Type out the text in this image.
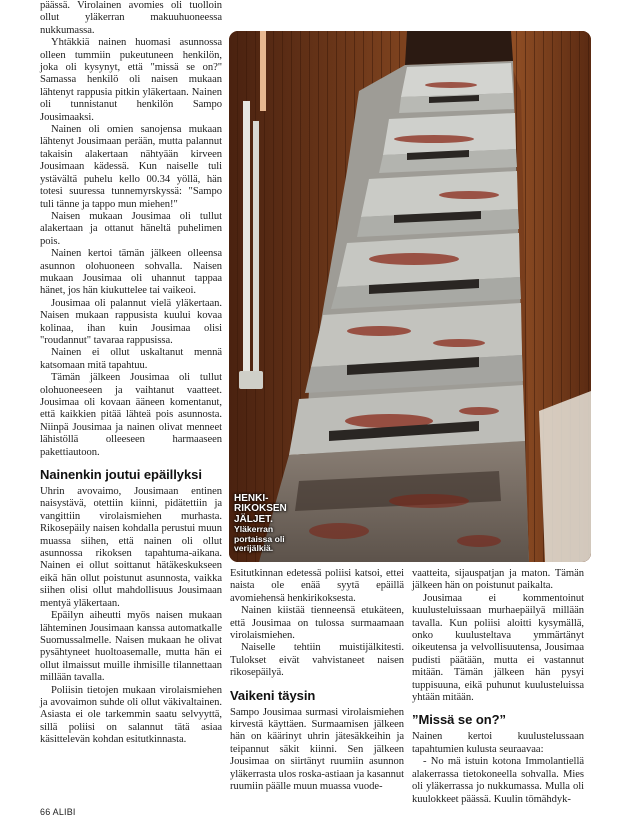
päässä. Virolainen avomies oli tuolloin ollut yläkerran makuuhuoneessa nukkumassa.

Yhtäkkiä nainen huomasi asunnossa olleen tummiin pukeutuneen henkilön, joka oli kysynyt, että "missä se on?" Samassa henkilö oli naisen mukaan lähtenyt rappusia pitkin yläkertaan. Nainen oli tunnistanut henkilön Sampo Jousimaaksi.

Nainen oli omien sanojensa mukaan lähtenyt Jousimaan perään, mutta palannut takaisin alakertaan nähtyään kirveen Jousimaan kädessä. Kun naiselle tuli ystävältä puhelu kello 00.34 yöllä, hän totesi suuressa tunnemyrskyssä: "Sampo tuli tänne ja tappo mun miehen!"

Naisen mukaan Jousimaa oli tullut alakertaan ja ottanut häneltä puhelimen pois.

Nainen kertoi tämän jälkeen olleensa asunnon olohuoneen sohvalla. Naisen mukaan Jousimaa oli uhannut tappaa hänet, jos hän kiukuttelee tai vaikeoi.

Jousimaa oli palannut vielä yläkertaan. Naisen mukaan rappusista kuului kovaa kolinaa, ihan kuin Jousimaa olisi "roudannut" tavaraa rappusissa.

Nainen ei ollut uskaltanut mennä katsomaan mitä tapahtuu.

Tämän jälkeen Jousimaa oli tullut olohuoneeseen ja vaihtanut vaatteet. Jousimaa oli kovaan ääneen komentanut, että kaikkien pitää lähteä pois asunnosta. Niinpä Jousimaa ja nainen olivat menneet lähistöllä olleeseen harmaaseen pakettiautoon.

Nainenkin joutui epäillyksi

Uhrin avovaimo, Jousimaan entinen naisystävä, otettiin kiinni, pidätettiin ja vangittiin virolaismiehen murhasta. Rikosepäily naisen kohdalla perustui muun muassa siihen, että nainen oli ollut asunnossa rikoksen tapahtuma-aikana. Nainen ei ollut soittanut hätäkeskukseen eikä hän ollut poistunut asunnosta, vaikka siihen olisi ollut mahdollisuus Jousimaan mentyä yläkertaan.

Epäilyn aiheutti myös naisen mukaan lähteminen Jousimaan kanssa automatkalle Suomussalmelle. Naisen mukaan he olivat pysähtyneet huoltoasemalle, mutta hän ei ollut ilmaissut muille ihmisille tilannettaan millään tavalla.

Poliisin tietojen mukaan virolaismiehen ja avovaimon suhde oli ollut väkivaltainen. Asiasta ei ole tarkemmin saatu selvyyttä, sillä poliisi on salannut tätä asiaa käsittelevän kohdan esitutkinnasta.

HENKI-RIKOKSEN JÄLJET.
Yläkerran portaissa oli verijälkiä.

Esitutkinnan edetessä poliisi katsoi, ettei naista ole enää syytä epäillä avomiehensä henkirikoksesta.

Nainen kiistää tienneensä etukäteen, että Jousimaa on tulossa surmaamaan virolaismiehen.

Naiselle tehtiin muistijälkitesti. Tulokset eivät vahvistaneet naisen rikosepäilyä.

Vaikeni täysin

Sampo Jousimaa surmasi virolaismiehen kirvestä käyttäen. Surmaamisen jälkeen hän on käärinyt uhrin jätesäkkeihin ja teipannut säkit kiinni. Sen jälkeen Jousimaa on siirtänyt ruumiin asunnon yläkerrasta ulos roska-astiaan ja kasannut ruumiin päälle muun muassa vuode-

vaatteita, sijauspatjan ja maton. Tämän jälkeen hän on poistunut paikalta.

Jousimaa ei kommentoinut kuulusteluissaan murhaepäilyä millään tavalla. Kun poliisi aloitti kysymällä, onko kuulusteltava ymmärtänyt oikeutensa ja velvollisuutensa, Jousimaa pudisti päätään, mutta ei vastannut mitään. Tämän jälkeen hän pysyi tuppisuuna, eikä puhunut kuulusteluissa yhtään mitään.

”Missä se on?”

Nainen kertoi kuulustelussaan tapahtumien kulusta seuraavaa:

- No mä istuin kotona Immolantiellä alakerrassa tietokoneella sohvalla. Mies oli yläkerrassa jo nukkumassa. Mulla oli kuulokkeet päässä. Kuulin tömähdyk-

66 ALIBI
